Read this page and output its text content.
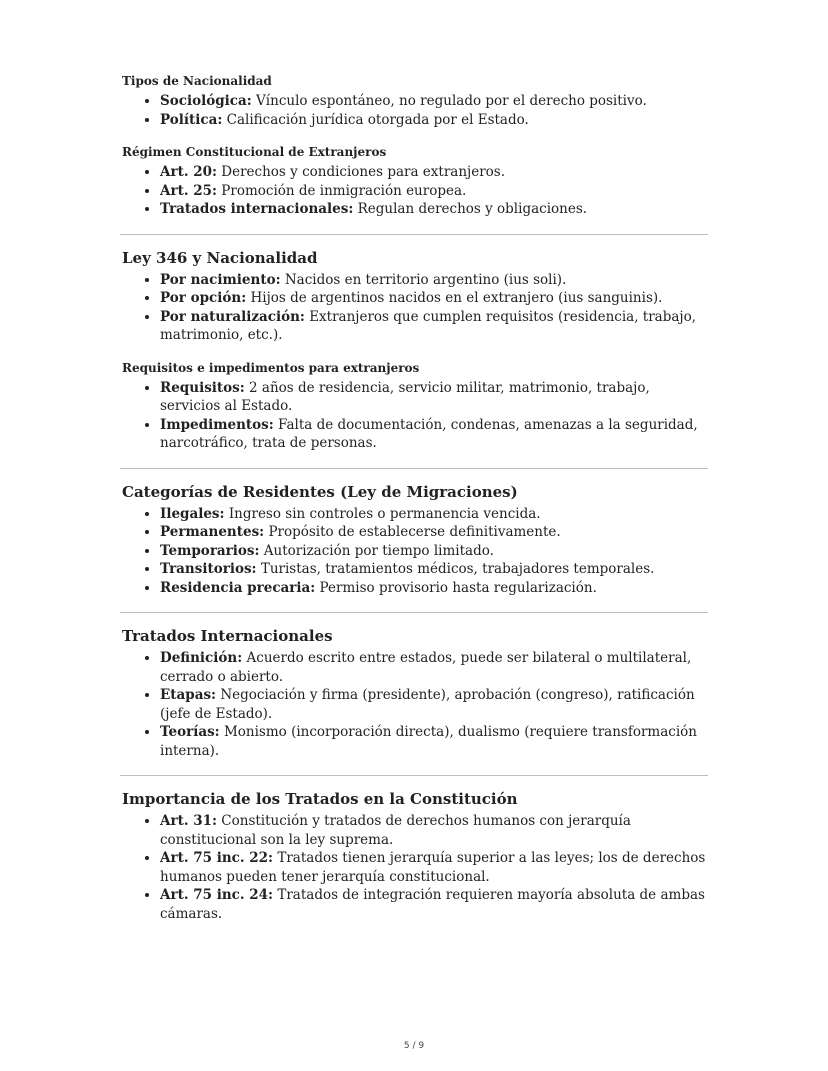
Tipos de Nacionalidad
• Sociológica: Vínculo espontáneo, no regulado por el derecho positivo.
• Política: Calificación jurídica otorgada por el Estado.
Régimen Constitucional de Extranjeros
• Art. 20: Derechos y condiciones para extranjeros.
• Art. 25: Promoción de inmigración europea.
• Tratados internacionales: Regulan derechos y obligaciones.
Ley 346 y Nacionalidad
• Por nacimiento: Nacidos en territorio argentino (ius soli).
• Por opción: Hijos de argentinos nacidos en el extranjero (ius sanguinis).
• Por naturalización: Extranjeros que cumplen requisitos (residencia, trabajo, matrimonio, etc.).
Requisitos e impedimentos para extranjeros
• Requisitos: 2 años de residencia, servicio militar, matrimonio, trabajo, servicios al Estado.
• Impedimentos: Falta de documentación, condenas, amenazas a la seguridad, narcotráfico, trata de personas.
Categorías de Residentes (Ley de Migraciones)
• Ilegales: Ingreso sin controles o permanencia vencida.
• Permanentes: Propósito de establecerse definitivamente.
• Temporarios: Autorización por tiempo limitado.
• Transitorios: Turistas, tratamientos médicos, trabajadores temporales.
• Residencia precaria: Permiso provisorio hasta regularización.
Tratados Internacionales
• Definición: Acuerdo escrito entre estados, puede ser bilateral o multilateral, cerrado o abierto.
• Etapas: Negociación y firma (presidente), aprobación (congreso), ratificación (jefe de Estado).
• Teorías: Monismo (incorporación directa), dualismo (requiere transformación interna).
Importancia de los Tratados en la Constitución
• Art. 31: Constitución y tratados de derechos humanos con jerarquía constitucional son la ley suprema.
• Art. 75 inc. 22: Tratados tienen jerarquía superior a las leyes; los de derechos humanos pueden tener jerarquía constitucional.
• Art. 75 inc. 24: Tratados de integración requieren mayoría absoluta de ambas cámaras.
5 / 9
